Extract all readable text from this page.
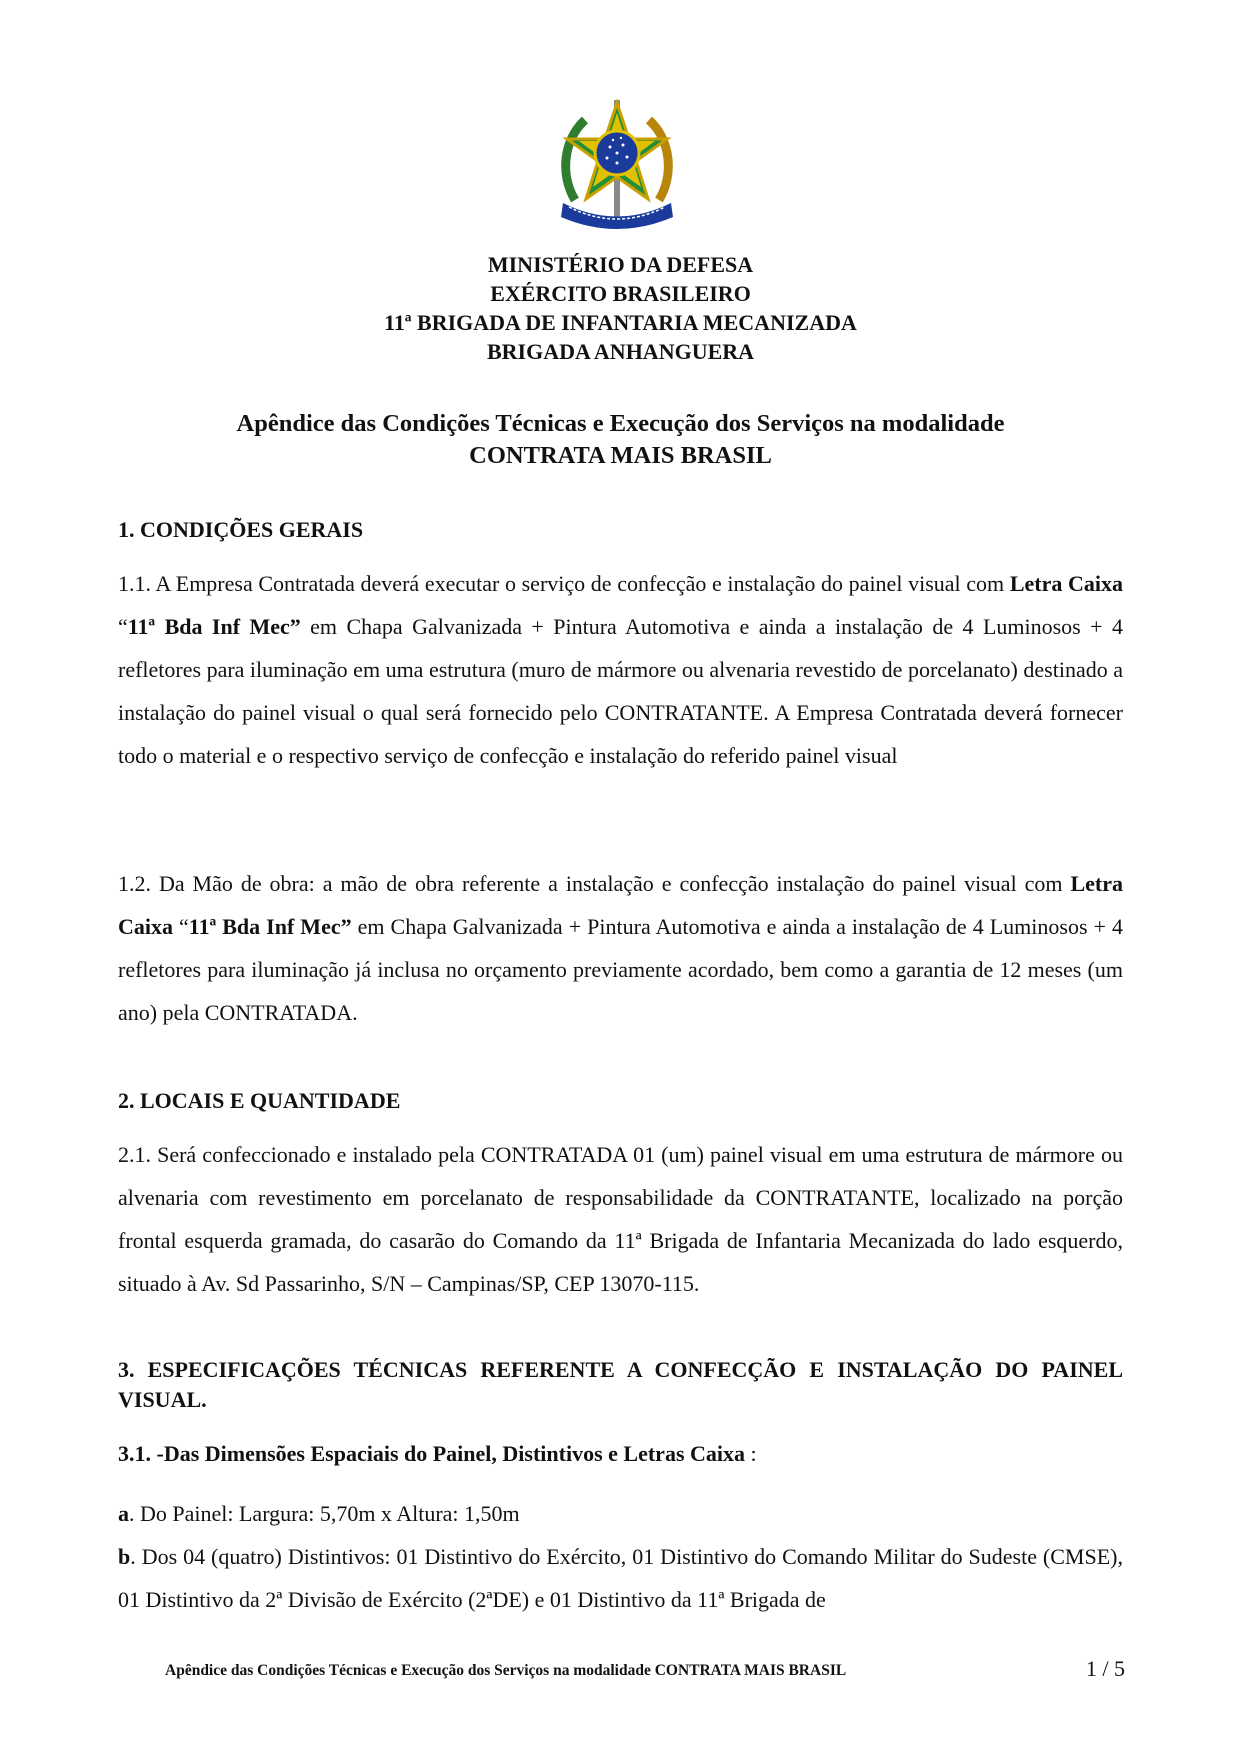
MINISTÉRIO DA DEFESA
EXÉRCITO BRASILEIRO
11ª BRIGADA DE INFANTARIA MECANIZADA
BRIGADA ANHANGUERA
Apêndice das Condições Técnicas e Execução dos Serviços na modalidade
CONTRATA MAIS BRASIL
1. CONDIÇÕES GERAIS
1.1. A Empresa Contratada deverá executar o serviço de confecção e instalação do painel visual com Letra Caixa “11ª Bda Inf Mec” em Chapa Galvanizada + Pintura Automotiva e ainda a instalação de 4 Luminosos + 4 refletores para iluminação em uma estrutura (muro de mármore ou alvenaria revestido de porcelanato) destinado a instalação do painel visual o qual será fornecido pelo CONTRATANTE. A Empresa Contratada deverá fornecer todo o material e o respectivo serviço de confecção e instalação do referido painel visual
1.2. Da Mão de obra: a mão de obra referente a instalação e confecção instalação do painel visual com Letra Caixa “11ª Bda Inf Mec” em Chapa Galvanizada + Pintura Automotiva e ainda a instalação de 4 Luminosos + 4 refletores para iluminação já inclusa no orçamento previamente acordado, bem como a garantia de 12 meses (um ano) pela CONTRATADA.
2. LOCAIS E QUANTIDADE
2.1. Será confeccionado e instalado pela CONTRATADA 01 (um) painel visual em uma estrutura de mármore ou alvenaria com revestimento em porcelanato de responsabilidade da CONTRATANTE, localizado na porção frontal esquerda gramada, do casarão do Comando da 11ª Brigada de Infantaria Mecanizada do lado esquerdo, situado à Av. Sd Passarinho, S/N – Campinas/SP, CEP 13070-115.
3. ESPECIFICAÇÕES TÉCNICAS REFERENTE A CONFECÇÃO E INSTALAÇÃO DO PAINEL VISUAL.
3.1. -Das Dimensões Espaciais do Painel, Distintivos e Letras Caixa :
a. Do Painel: Largura: 5,70m x Altura: 1,50m
b. Dos 04 (quatro) Distintivos: 01 Distintivo do Exército, 01 Distintivo do Comando Militar do Sudeste (CMSE), 01 Distintivo da 2ª Divisão de Exército (2ªDE) e 01 Distintivo da 11ª Brigada de
Apêndice das Condições Técnicas e Execução dos Serviços na modalidade CONTRATA MAIS BRASIL	1 / 5
